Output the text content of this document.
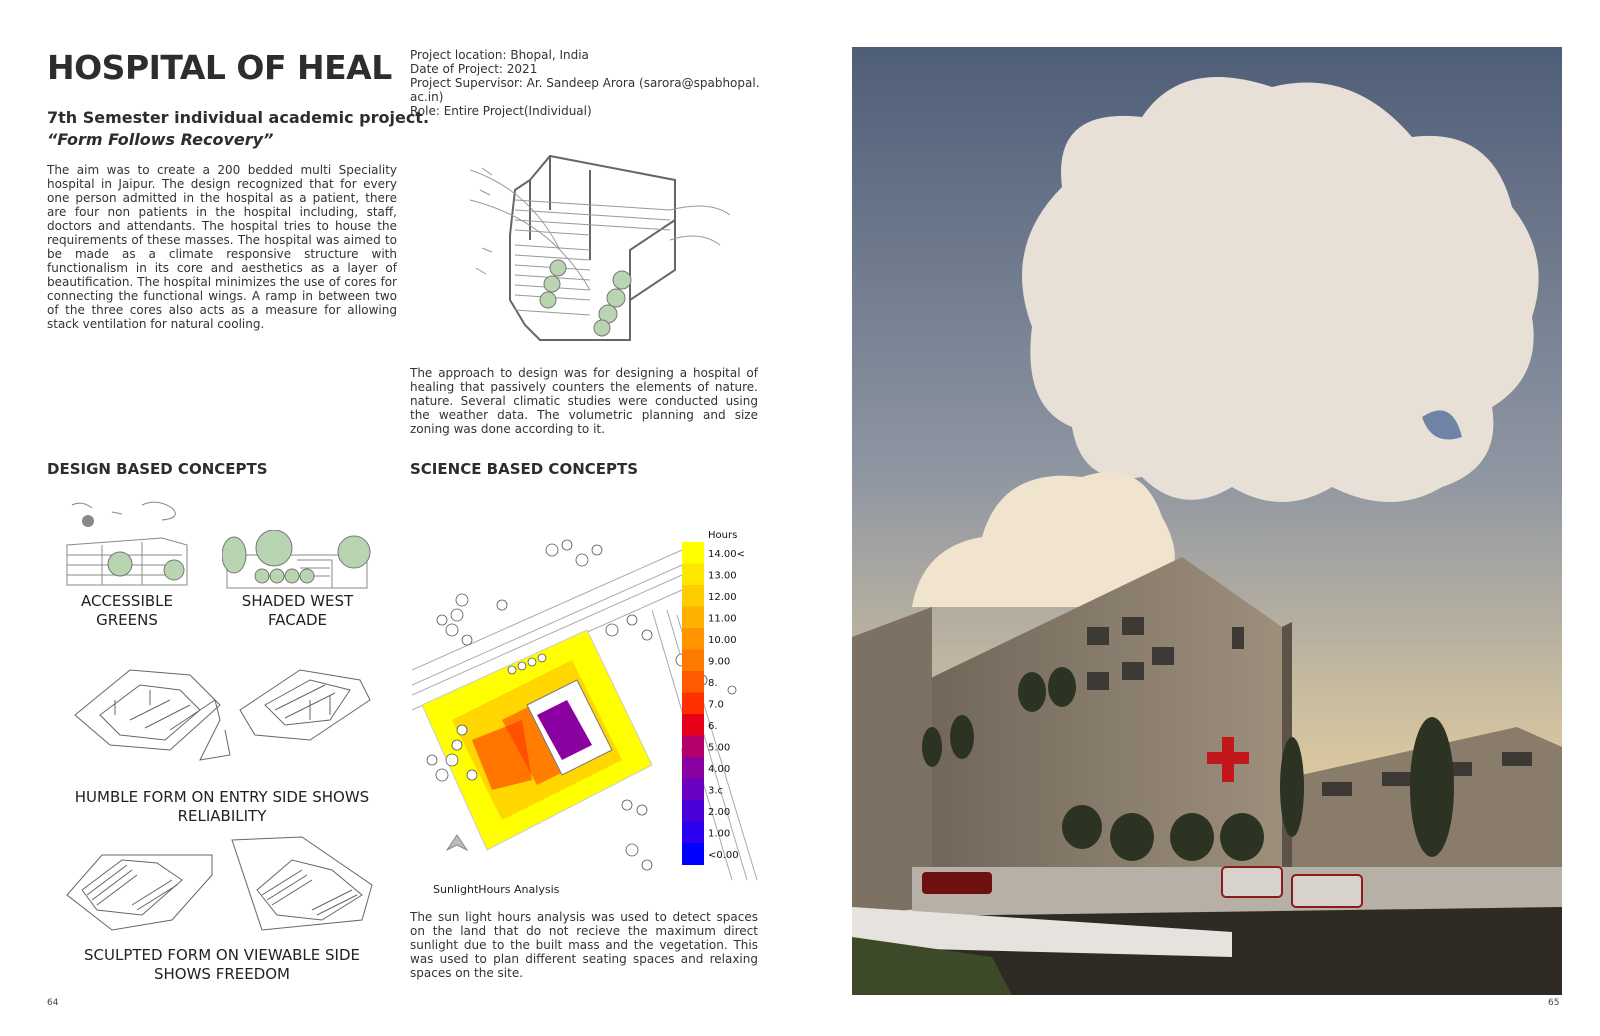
HOSPITAL OF HEAL
7th Semester individual academic project.
“Form Follows Recovery”
The aim was to create a 200 bedded multi Speciality hospital in Jaipur. The design recognized that for every one person admitted in the hospital as a patient, there are four non patients in the hospital including, staff, doctors and attendants. The hospital tries to house the requirements of these masses. The hospital was aimed to be made as a climate responsive structure with functionalism in its core and aesthetics as a layer of beautification. The hospital minimizes the use of cores for connecting the functional wings. A ramp in between two of the three cores also acts as a measure for allowing stack ventilation for natural cooling.
Project location: Bhopal, India
Date of Project: 2021
Project Supervisor: Ar. Sandeep Arora (sarora@spabhopal.
ac.in)
Role: Entire Project(Individual)
The approach to design was for designing a hospital of healing that passively counters the elements of nature. nature. Several climatic studies were conducted using the weather data. The volumetric planning and size zoning was done according to it.
DESIGN BASED CONCEPTS	SCIENCE BASED CONCEPTS
ACCESSIBLE
GREENS
SHADED WEST
FACADE
HUMBLE FORM ON ENTRY SIDE SHOWS
RELIABILITY
SCULPTED FORM ON VIEWABLE SIDE
SHOWS FREEDOM
Hours
14.00<
13.00
12.00
11.00
10.00
9.00
8.
7.0
6.
5.00
4.00
3.c
2.00
1.00
<0.00
SunlightHours Analysis
The sun light hours analysis was used to detect spaces on the land that do not recieve the maximum direct sunlight due to the built mass and the vegetation. This was used to plan different seating spaces and relaxing spaces on the site.
64	65
